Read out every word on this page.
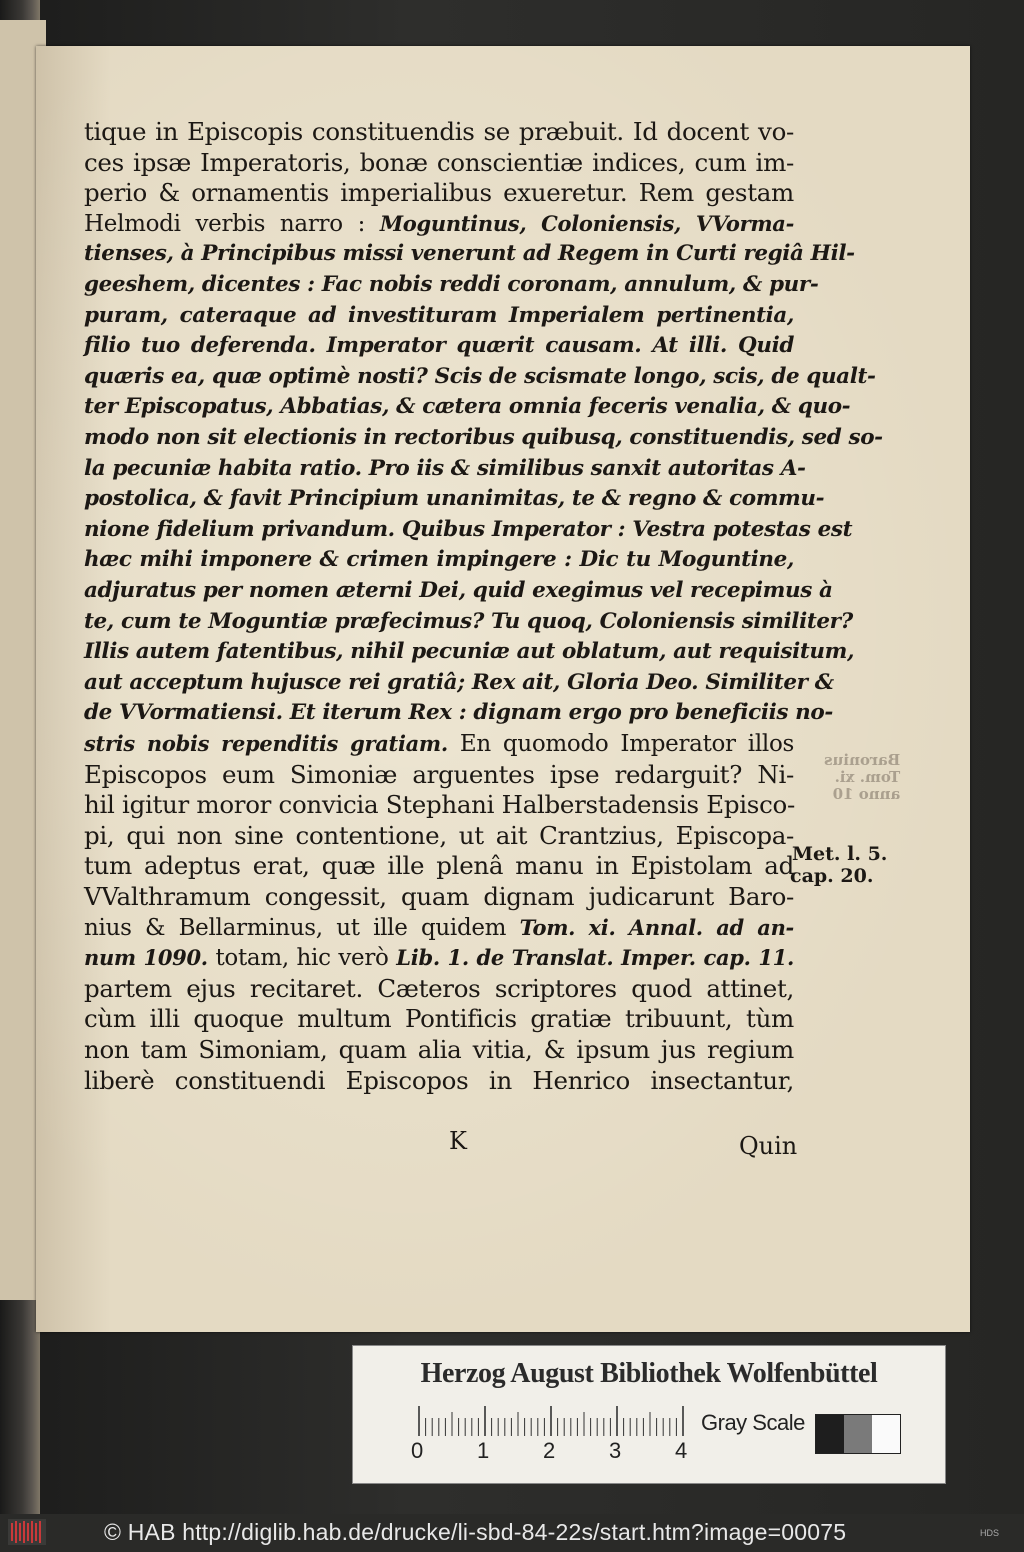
tique in Episcopis constituendis se præbuit. Id docent vo-
ces ipsæ Imperatoris, bonæ conscientiæ indices, cum im-
perio & ornamentis imperialibus exueretur. Rem gestam
Helmodi verbis narro : Moguntinus, Coloniensis, VVorma-
tienses, à Principibus missi venerunt ad Regem in Curti regiâ Hil-
geeshem, dicentes : Fac nobis reddi coronam, annulum, & pur-
puram, cateraque ad investituram Imperialem pertinentia,
filio tuo deferenda. Imperator quærit causam. At illi. Quid
quæris ea, quæ optimè nosti? Scis de scismate longo, scis, de qualt-
ter Episcopatus, Abbatias, & cætera omnia feceris venalia, & quo-
modo non sit electionis in rectoribus quibusq, constituendis, sed so-
la pecuniæ habita ratio. Pro iis & similibus sanxit autoritas A-
postolica, & favit Principium unanimitas, te & regno & commu-
nione fidelium privandum. Quibus Imperator : Vestra potestas est
hæc mihi imponere & crimen impingere : Dic tu Moguntine,
adjuratus per nomen æterni Dei, quid exegimus vel recepimus à
te, cum te Moguntiæ præfecimus? Tu quoq, Coloniensis similiter?
Illis autem fatentibus, nihil pecuniæ aut oblatum, aut requisitum,
aut acceptum hujusce rei gratiâ; Rex ait, Gloria Deo. Similiter &
de VVormatiensi. Et iterum Rex : dignam ergo pro beneficiis no-
stris nobis rependitis gratiam. En quomodo Imperator illos
Episcopos eum Simoniæ arguentes ipse redarguit? Ni-
hil igitur moror convicia Stephani Halberstadensis Episco-
pi, qui non sine contentione, ut ait Crantzius, Episcopa-
tum adeptus erat, quæ ille plenâ manu in Epistolam ad
VValthramum congessit, quam dignam judicarunt Baro-
nius & Bellarminus, ut ille quidem Tom. xi. Annal. ad an-
num 1090. totam, hic verò Lib. 1. de Translat. Imper. cap. 11.
partem ejus recitaret. Cæteros scriptores quod attinet,
cùm illi quoque multum Pontificis gratiæ tribuunt, tùm
non tam Simoniam, quam alia vitia, & ipsum jus regium
liberè constituendi Episcopos in Henrico insectantur,
Baronius
Tom. xi.
anno 10
Met. l. 5.
cap. 20.
K	Quin
Herzog August Bibliothek Wolfenbüttel
0 1 2 3 4
Gray Scale
© HAB http://diglib.hab.de/drucke/li-sbd-84-22s/start.htm?image=00075	HDS
